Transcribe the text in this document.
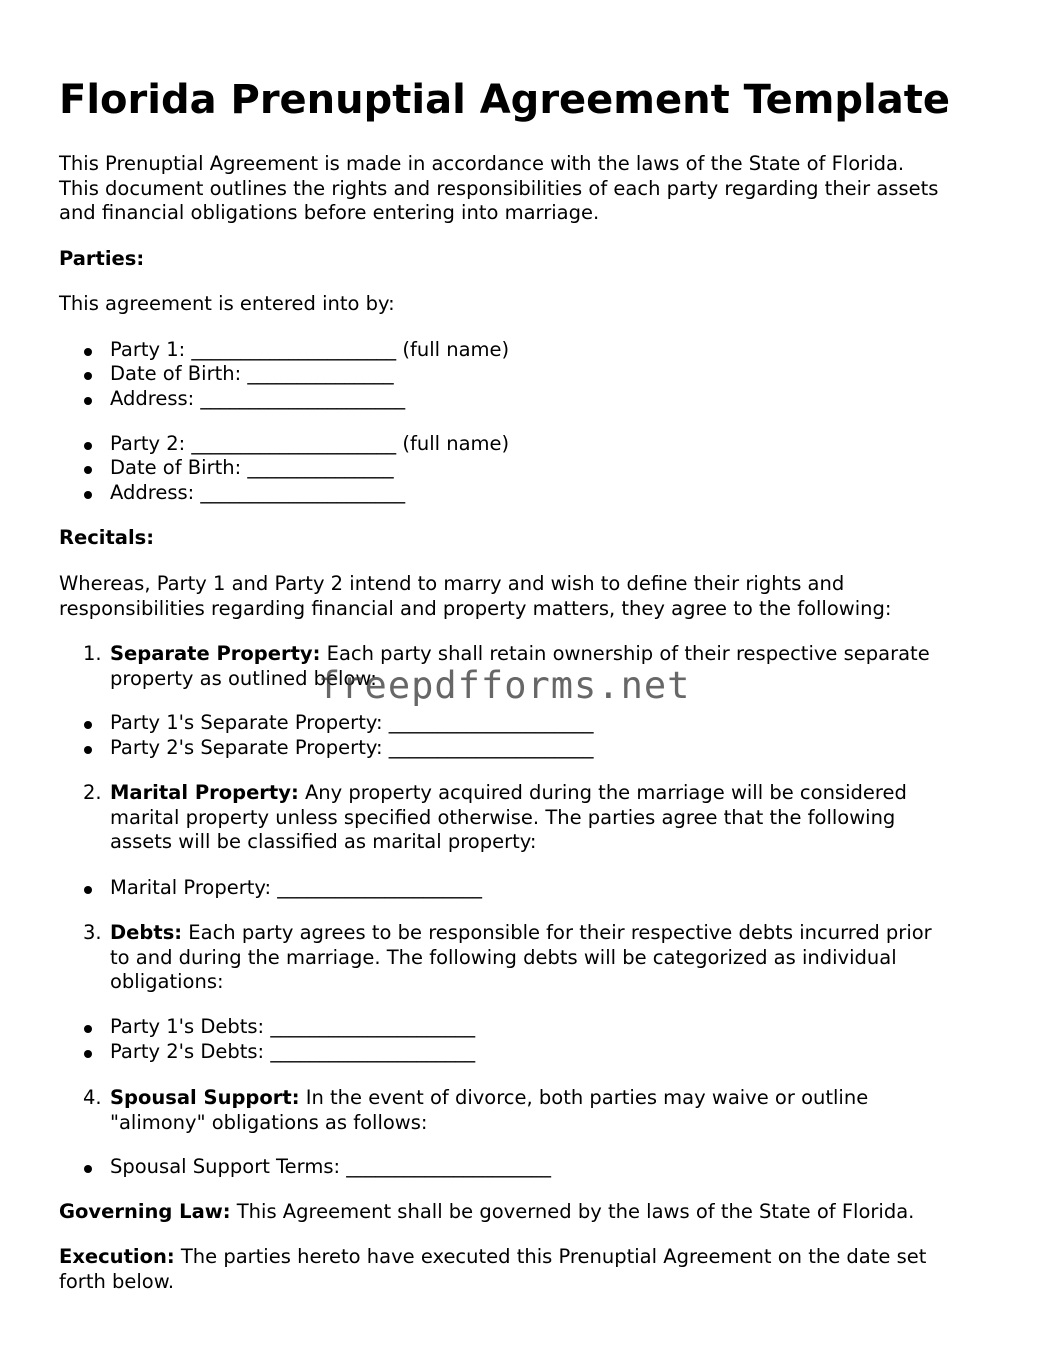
Florida Prenuptial Agreement Template
This Prenuptial Agreement is made in accordance with the laws of the State of Florida.
This document outlines the rights and responsibilities of each party regarding their assets
and financial obligations before entering into marriage.
Parties:
This agreement is entered into by:
Party 1: _____________________ (full name)
Date of Birth: _______________
Address: _____________________
Party 2: _____________________ (full name)
Date of Birth: _______________
Address: _____________________
Recitals:
Whereas, Party 1 and Party 2 intend to marry and wish to define their rights and
responsibilities regarding financial and property matters, they agree to the following:
1. Separate Property: Each party shall retain ownership of their respective separate
property as outlined below:
Party 1's Separate Property: _____________________
Party 2's Separate Property: _____________________
2. Marital Property: Any property acquired during the marriage will be considered
marital property unless specified otherwise. The parties agree that the following
assets will be classified as marital property:
Marital Property: _____________________
3. Debts: Each party agrees to be responsible for their respective debts incurred prior
to and during the marriage. The following debts will be categorized as individual
obligations:
Party 1's Debts: _____________________
Party 2's Debts: _____________________
4. Spousal Support: In the event of divorce, both parties may waive or outline
"alimony" obligations as follows:
Spousal Support Terms: _____________________
Governing Law: This Agreement shall be governed by the laws of the State of Florida.
Execution: The parties hereto have executed this Prenuptial Agreement on the date set
forth below.
freepdfforms.net
